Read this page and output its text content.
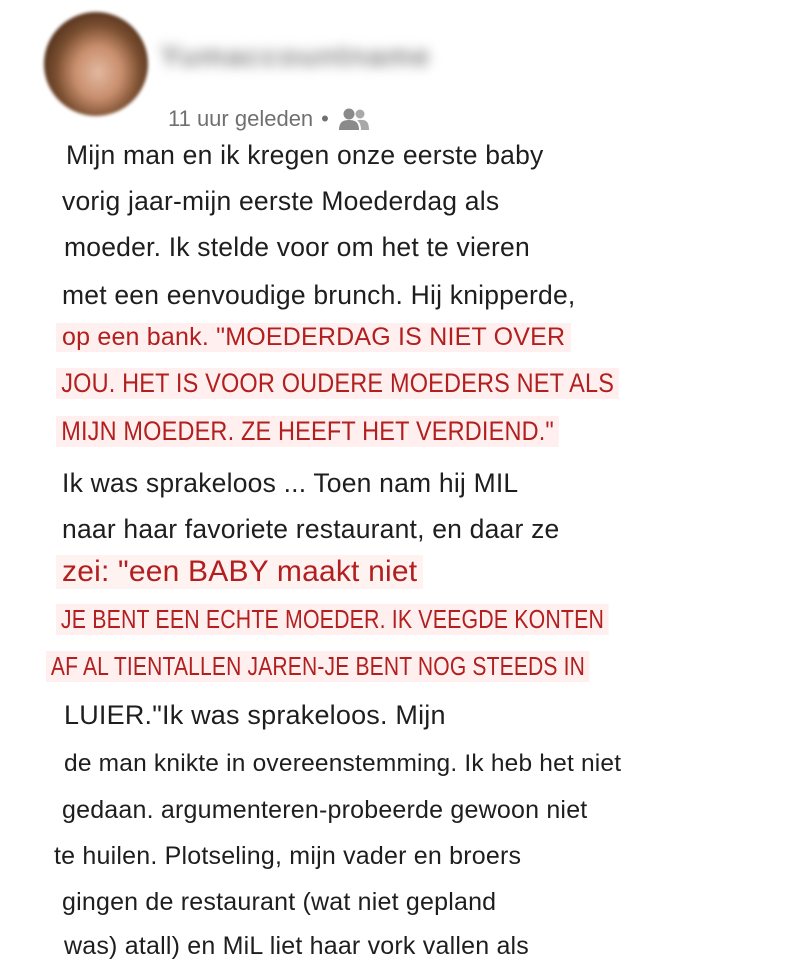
Yumaccountname
11 uur geleden •
Mijn man en ik kregen onze eerste baby
vorig jaar-mijn eerste Moederdag als
moeder. Ik stelde voor om het te vieren
met een eenvoudige brunch. Hij knipperde,
op een bank. "MOEDERDAG IS NIET OVER
JOU. HET IS VOOR OUDERE MOEDERS NET ALS
MIJN MOEDER. ZE HEEFT HET VERDIEND."
Ik was sprakeloos ... Toen nam hij MIL
naar haar favoriete restaurant, en daar ze
zei: "een BABY maakt niet
JE BENT EEN ECHTE MOEDER. IK VEEGDE KONTEN
AF AL TIENTALLEN JAREN-JE BENT NOG STEEDS IN
LUIER."Ik was sprakeloos. Mijn
de man knikte in overeenstemming. Ik heb het niet
gedaan. argumenteren-probeerde gewoon niet
te huilen. Plotseling, mijn vader en broers
gingen de restaurant (wat niet gepland
was) atall) en MiL liet haar vork vallen als
